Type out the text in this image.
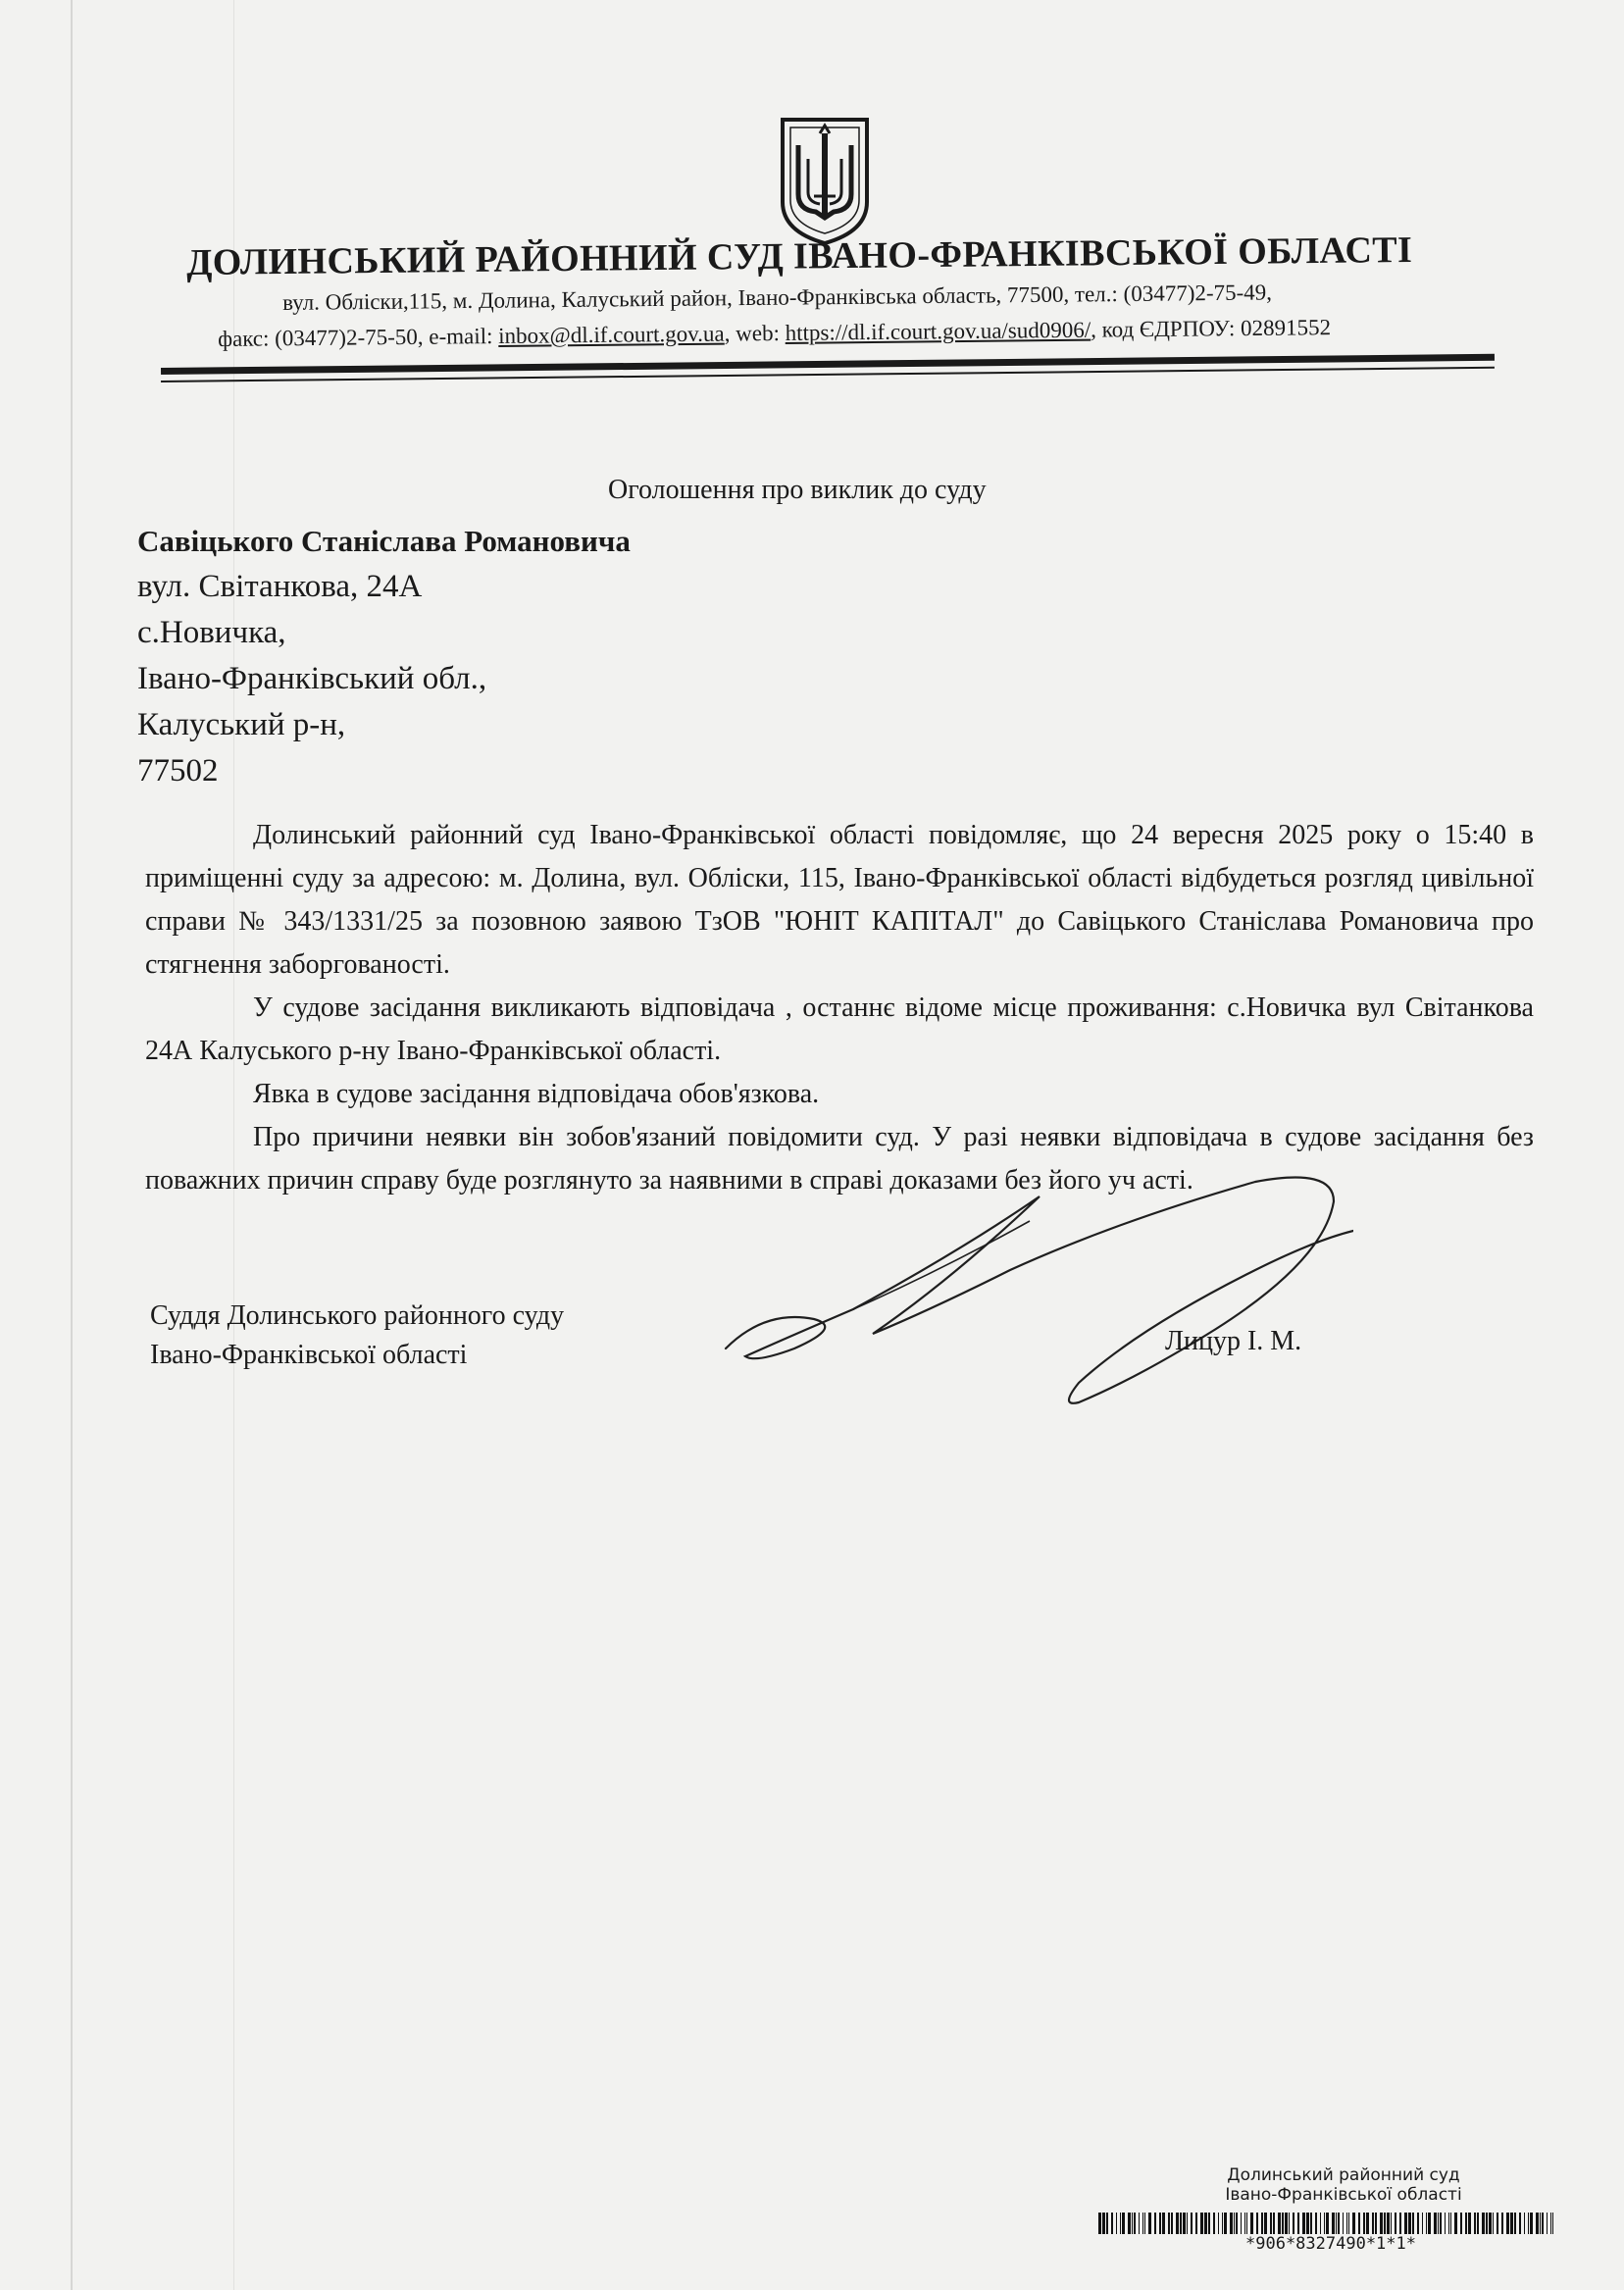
ДОЛИНСЬКИЙ РАЙОННИЙ СУД ІВАНО-ФРАНКІВСЬКОЇ ОБЛАСТІ
вул. Обліски,115, м. Долина, Калуський район, Івано-Франківська область, 77500, тел.: (03477)2-75-49,
факс: (03477)2-75-50, e-mail: inbox@dl.if.court.gov.ua, web: https://dl.if.court.gov.ua/sud0906/, код ЄДРПОУ: 02891552
Оголошення про виклик до суду
Савіцького Станіслава Романовича
вул. Світанкова, 24А
с.Новичка,
Івано-Франківський обл.,
Калуський р-н,
77502

Долинський районний суд Івано-Франківської області повідомляє, що 24 вересня 2025 року о 15:40 в приміщенні суду за адресою: м. Долина, вул. Обліски, 115, Івано-Франківської області відбудеться розгляд цивільної справи № 343/1331/25 за позовною заявою ТзОВ "ЮНІТ КАПІТАЛ" до Савіцького Станіслава Романовича про стягнення заборгованості.

У судове засідання викликають відповідача , останнє відоме місце проживання: с.Новичка вул Світанкова 24А Калуського р-ну Івано-Франківської області.

Явка в судове засідання відповідача обов'язкова.

Про причини неявки він зобов'язаний повідомити суд. У разі неявки відповідача в судове засідання без поважних причин справу буде розглянуто за наявними в справі доказами без його уч асті.

Суддя Долинського районного суду
Івано-Франківської області	Лицур І. М.
Долинський районний суд
Івано-Франківської області
*906*8327490*1*1*
